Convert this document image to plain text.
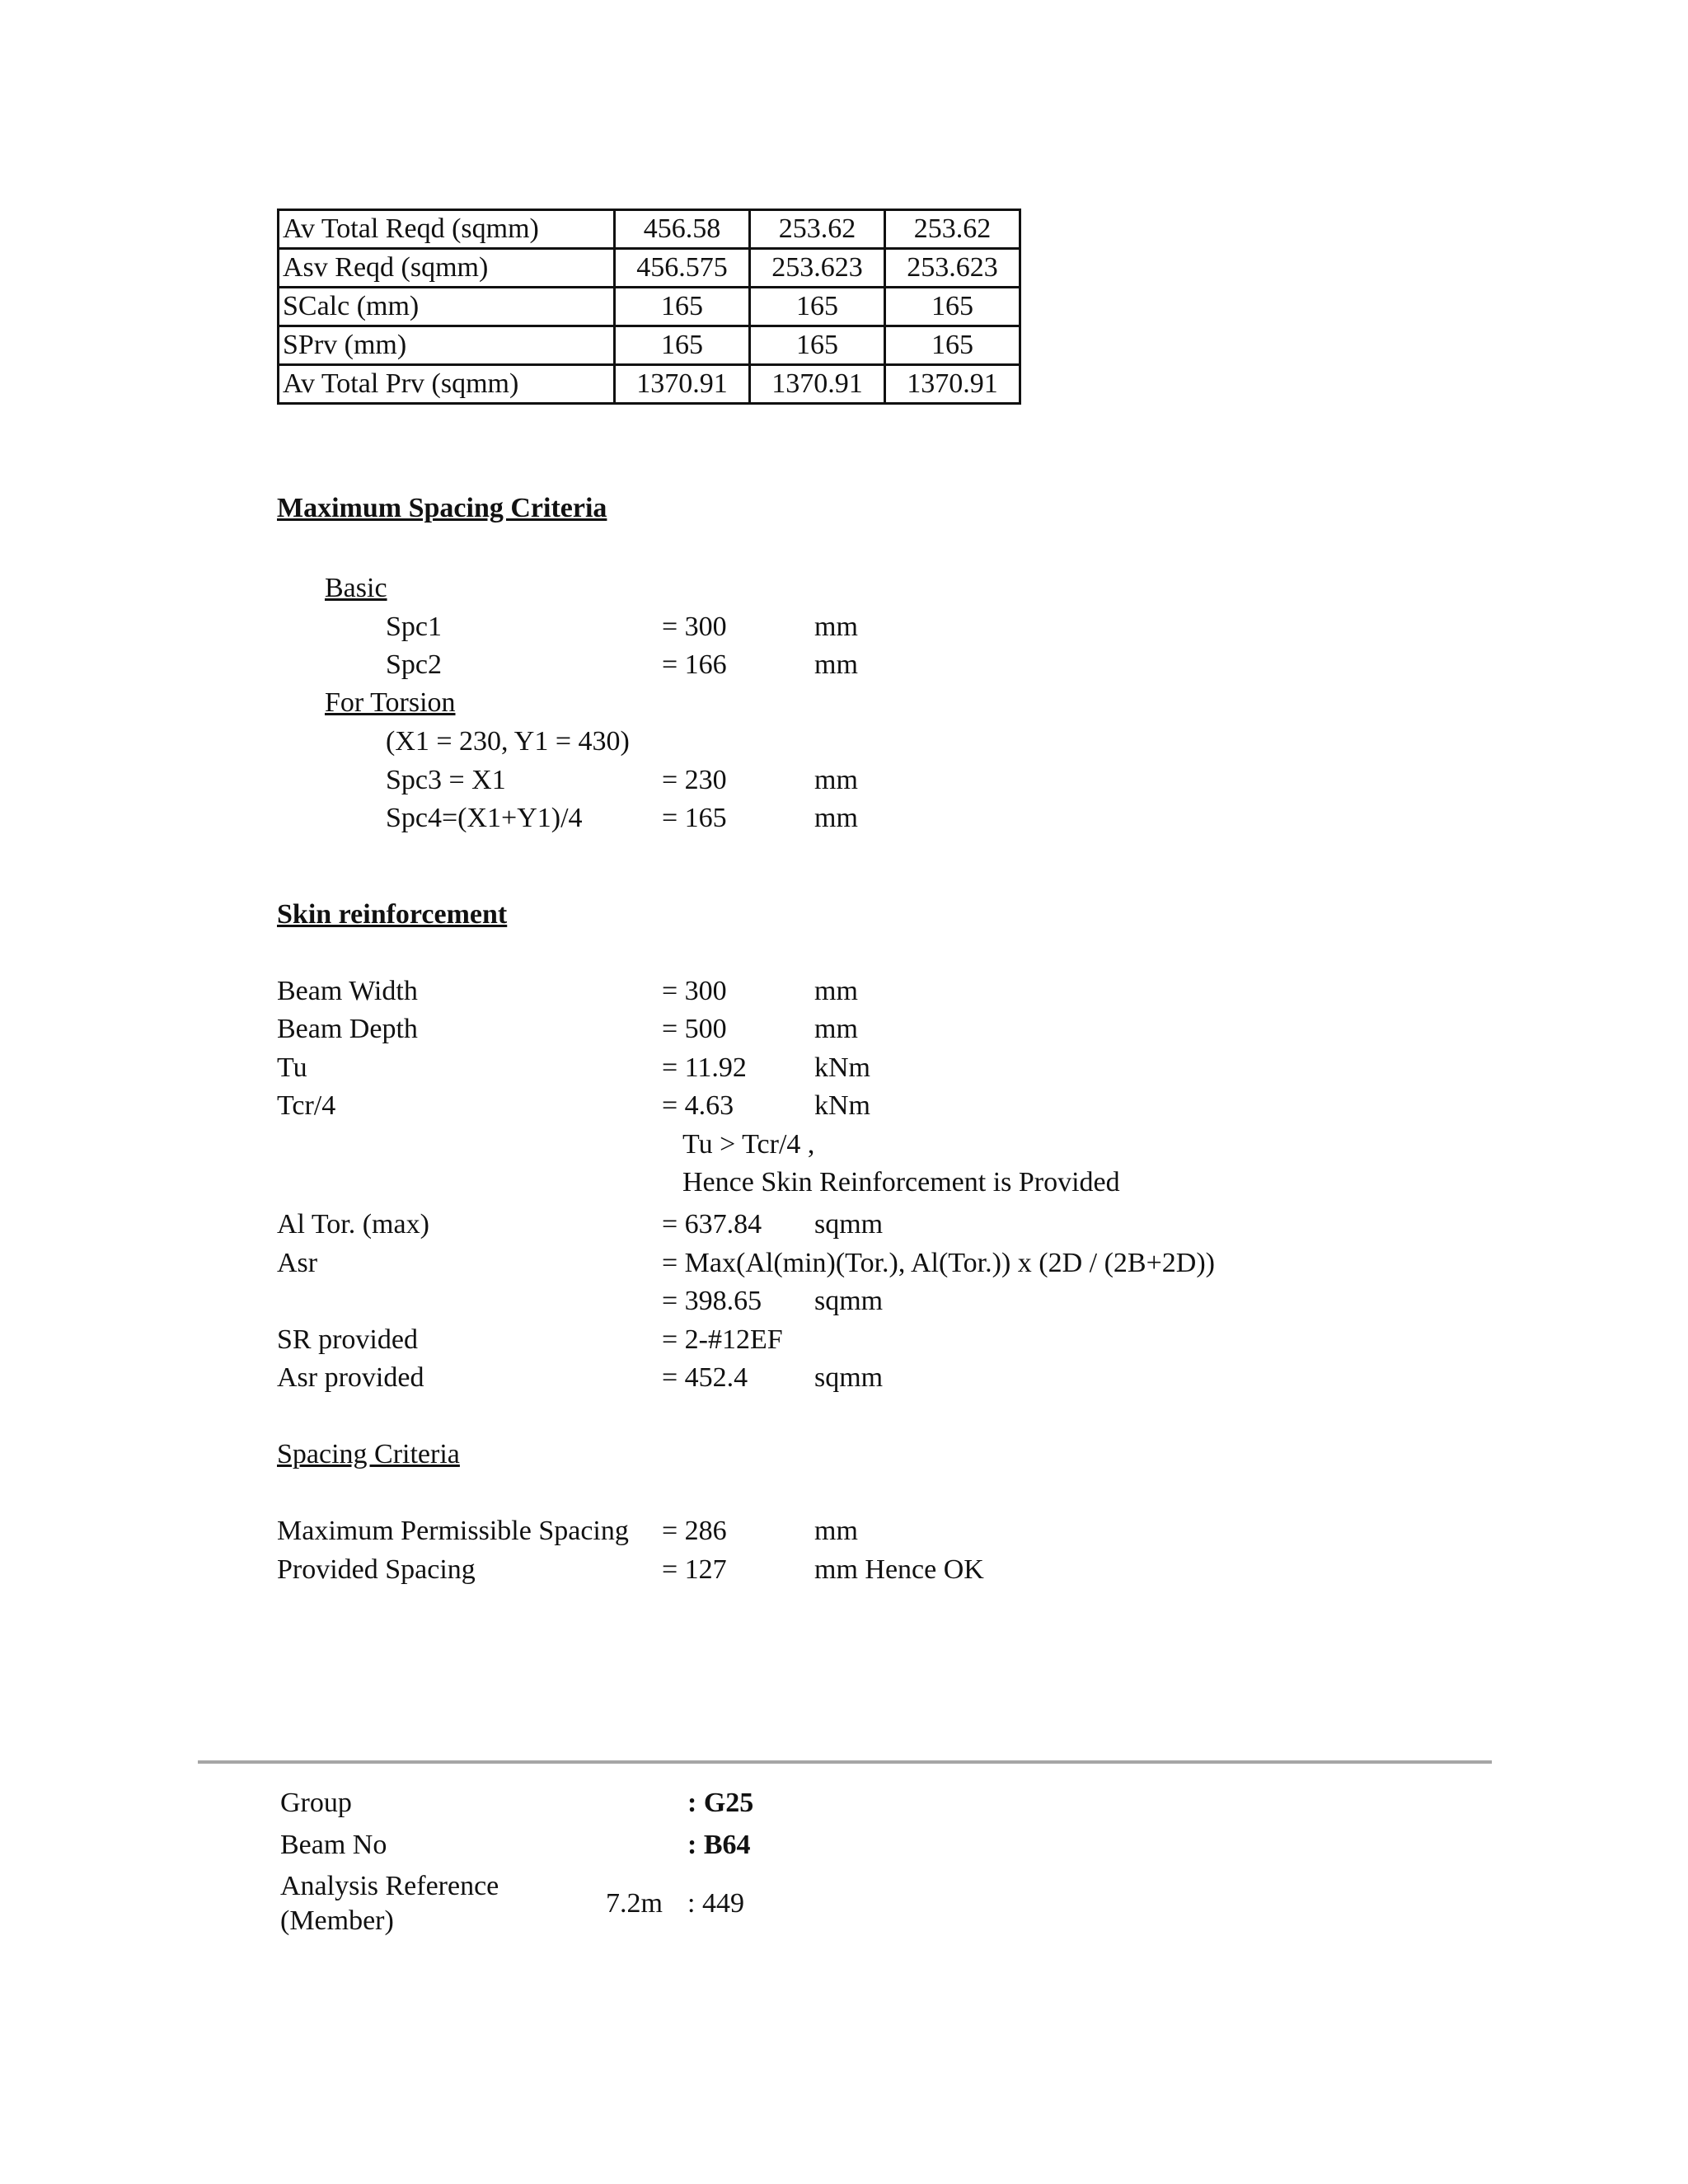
Av Total Reqd (sqmm)	456.58	253.62	253.62
Asv Reqd (sqmm)	456.575	253.623	253.623
SCalc (mm)	165	165	165
SPrv (mm)	165	165	165
Av Total Prv (sqmm)	1370.91	1370.91	1370.91
Maximum Spacing Criteria
Basic
Spc1	= 300	mm
Spc2	= 166	mm
For Torsion
(X1 = 230, Y1 = 430)
Spc3 = X1	= 230	mm
Spc4=(X1+Y1)/4	= 165	mm
Skin reinforcement
Beam Width	= 300	mm
Beam Depth	= 500	mm
Tu	= 11.92 kNm
Tcr/4	= 4.63	kNm
Tu > Tcr/4 ,
Hence Skin Reinforcement is Provided
Al Tor. (max)	= 637.84 sqmm
Asr	= Max(Al(min)(Tor.), Al(Tor.)) x (2D / (2B+2D))
= 398.65 sqmm
SR provided	= 2-#12EF
Asr provided	= 452.4 sqmm
Spacing Criteria
Maximum Permissible Spacing = 286	mm
Provided Spacing	= 127	mm Hence OK
Group	: G25
Beam No	: B64
Analysis Reference
(Member)
7.2m : 449
